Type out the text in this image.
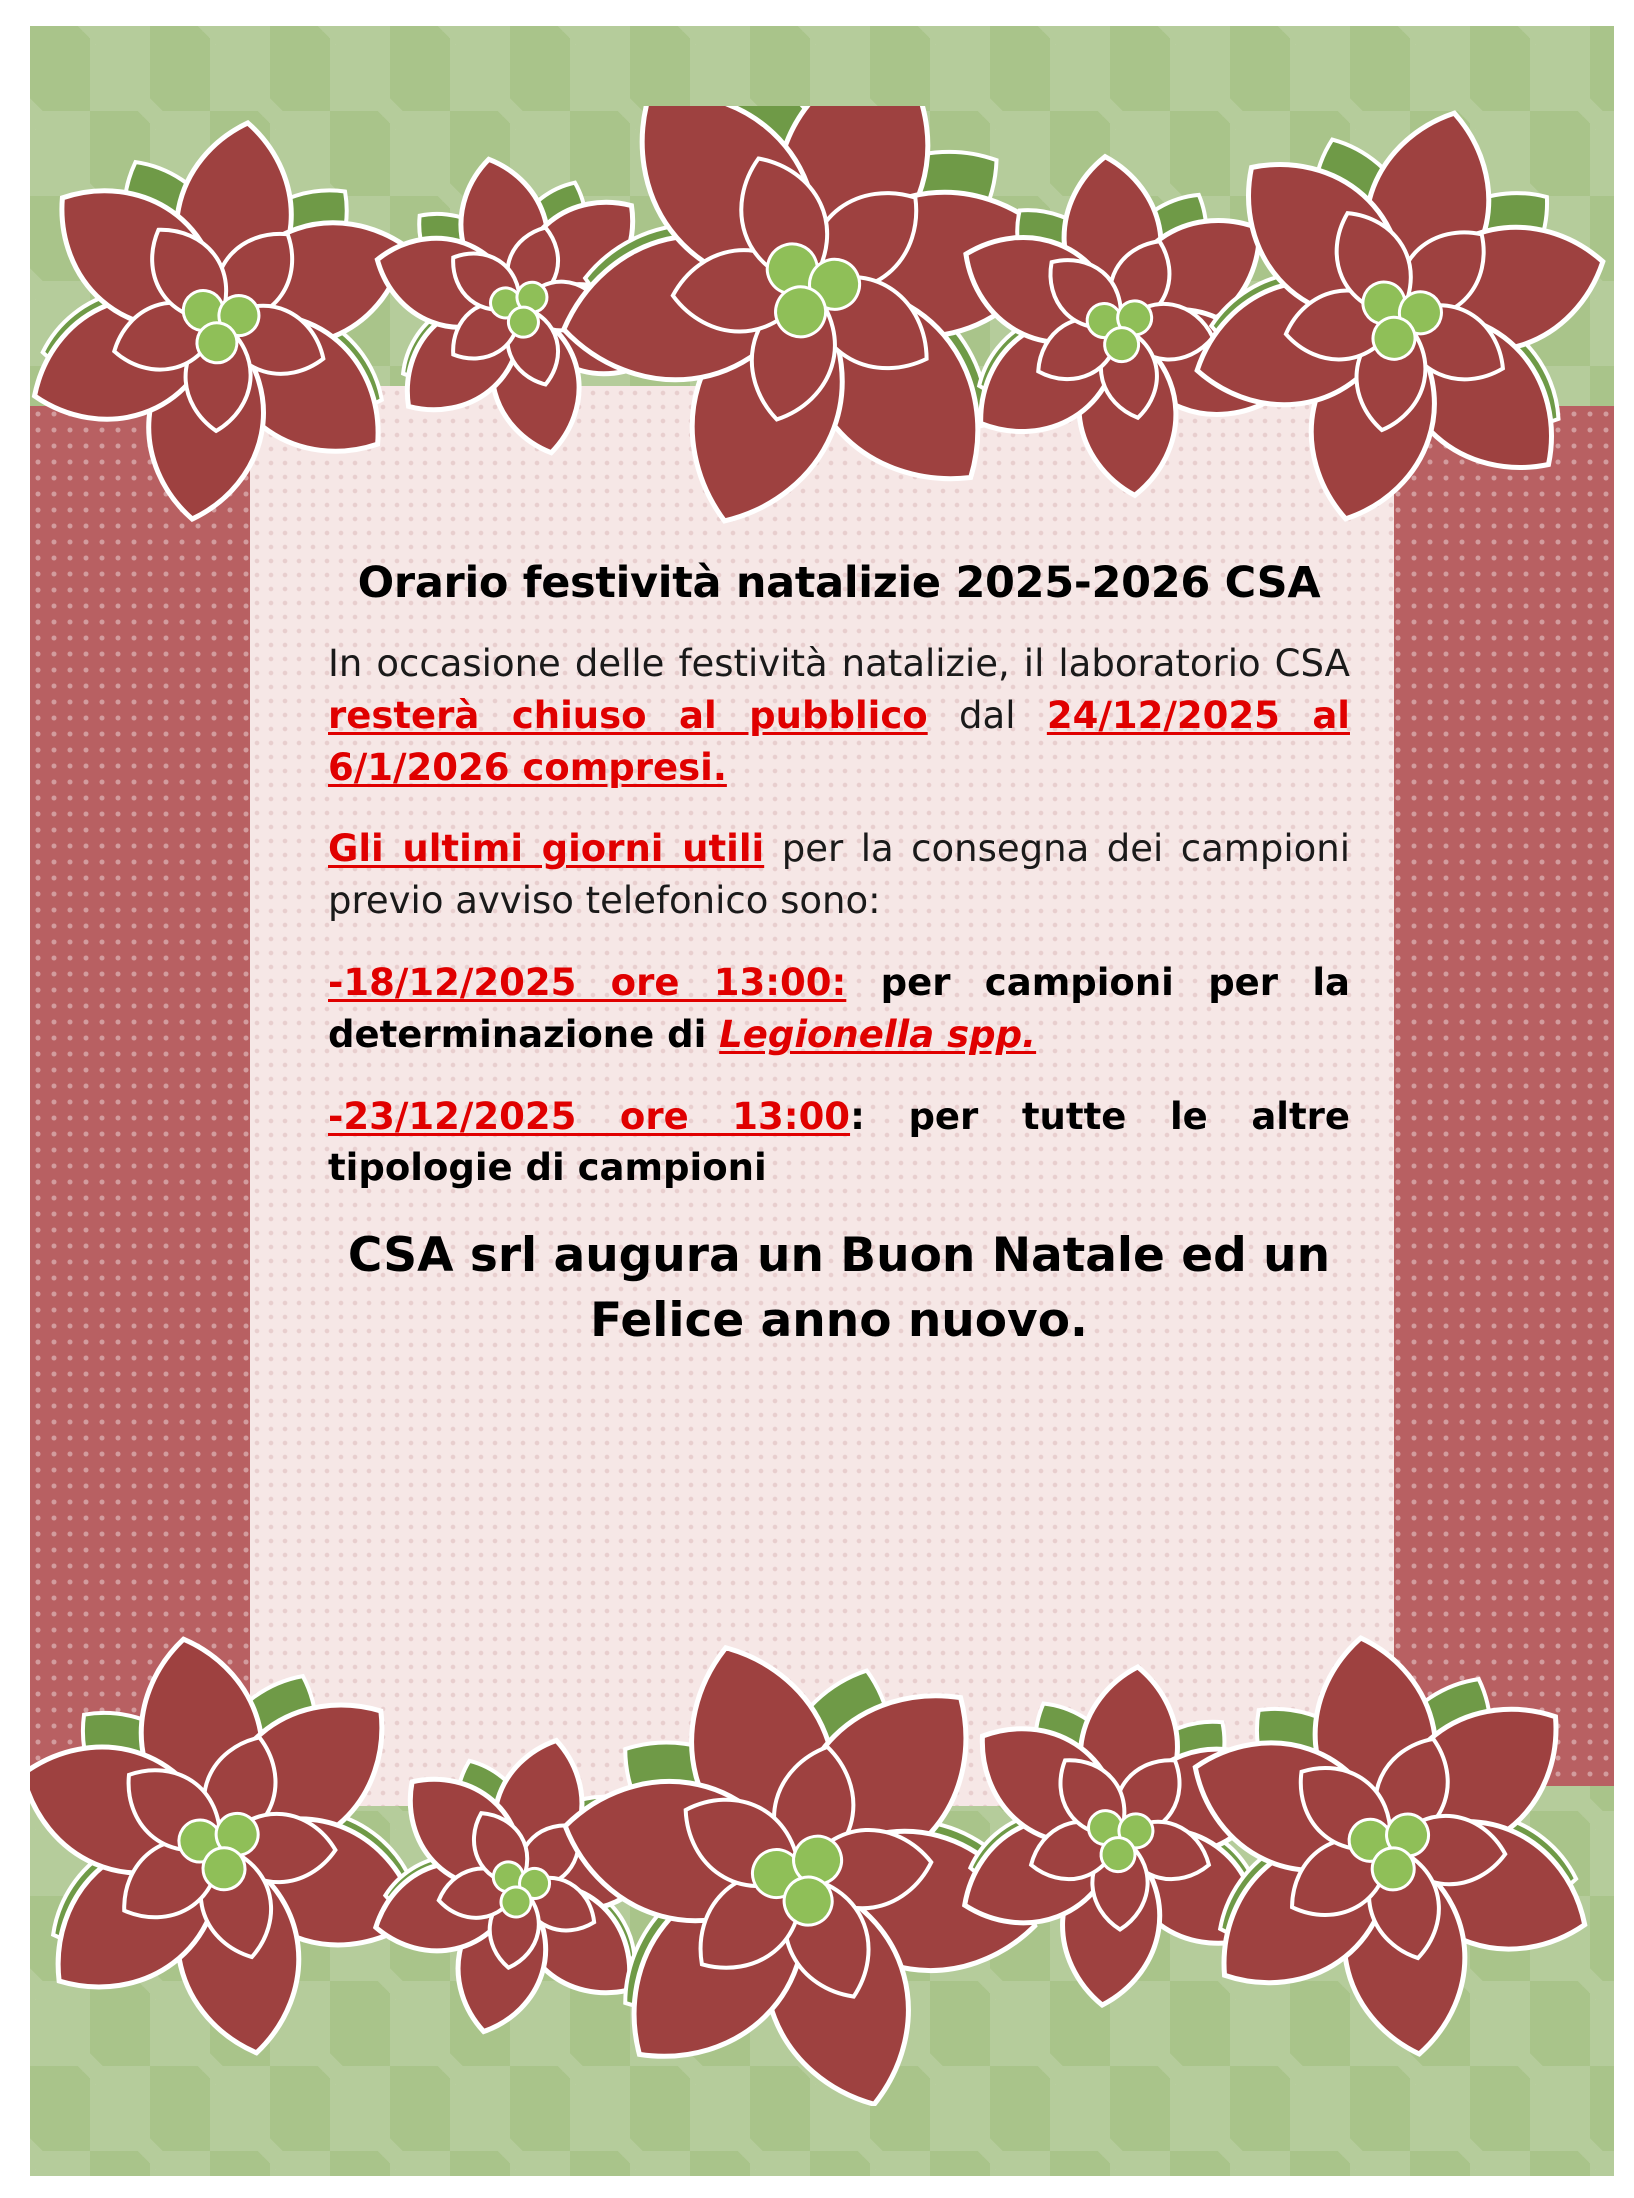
Orario festività natalizie 2025-2026 CSA

In occasione delle festività natalizie, il laboratorio CSA resterà chiuso al pubblico dal 24/12/2025 al 6/1/2026 compresi.

Gli ultimi giorni utili per la consegna dei campioni previo avviso telefonico sono:

-18/12/2025 ore 13:00: per campioni per la determinazione di Legionella spp.

-23/12/2025 ore 13:00: per tutte le altre tipologie di campioni

CSA srl augura un Buon Natale ed un
Felice anno nuovo.
